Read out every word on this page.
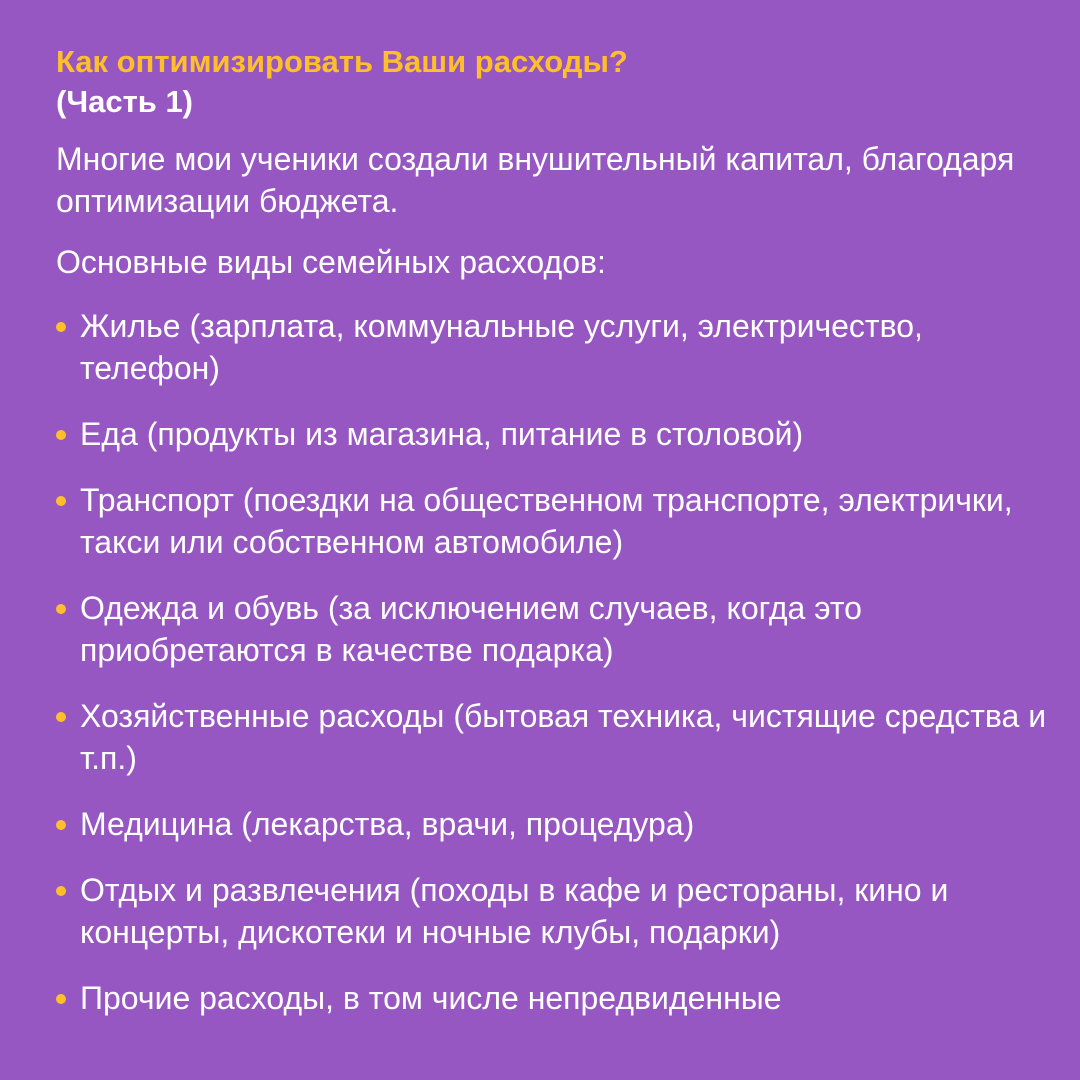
Как оптимизировать Ваши расходы?

(Часть 1)

Многие мои ученики создали внушительный капитал, благодаря оптимизации бюджета.

Основные виды семейных расходов:

Жилье (зарплата, коммунальные услуги, электричество, телефон)
Еда (продукты из магазина, питание в столовой)
Транспорт (поездки на общественном транспорте, электрички, такси или собственном автомобиле)
Одежда и обувь (за исключением случаев, когда это приобретаются в качестве подарка)
Хозяйственные расходы (бытовая техника, чистящие средства и т.п.)
Медицина (лекарства, врачи, процедура)
Отдых и развлечения (походы в кафе и рестораны, кино и концерты, дискотеки и ночные клубы, подарки)
Прочие расходы, в том числе непредвиденные
